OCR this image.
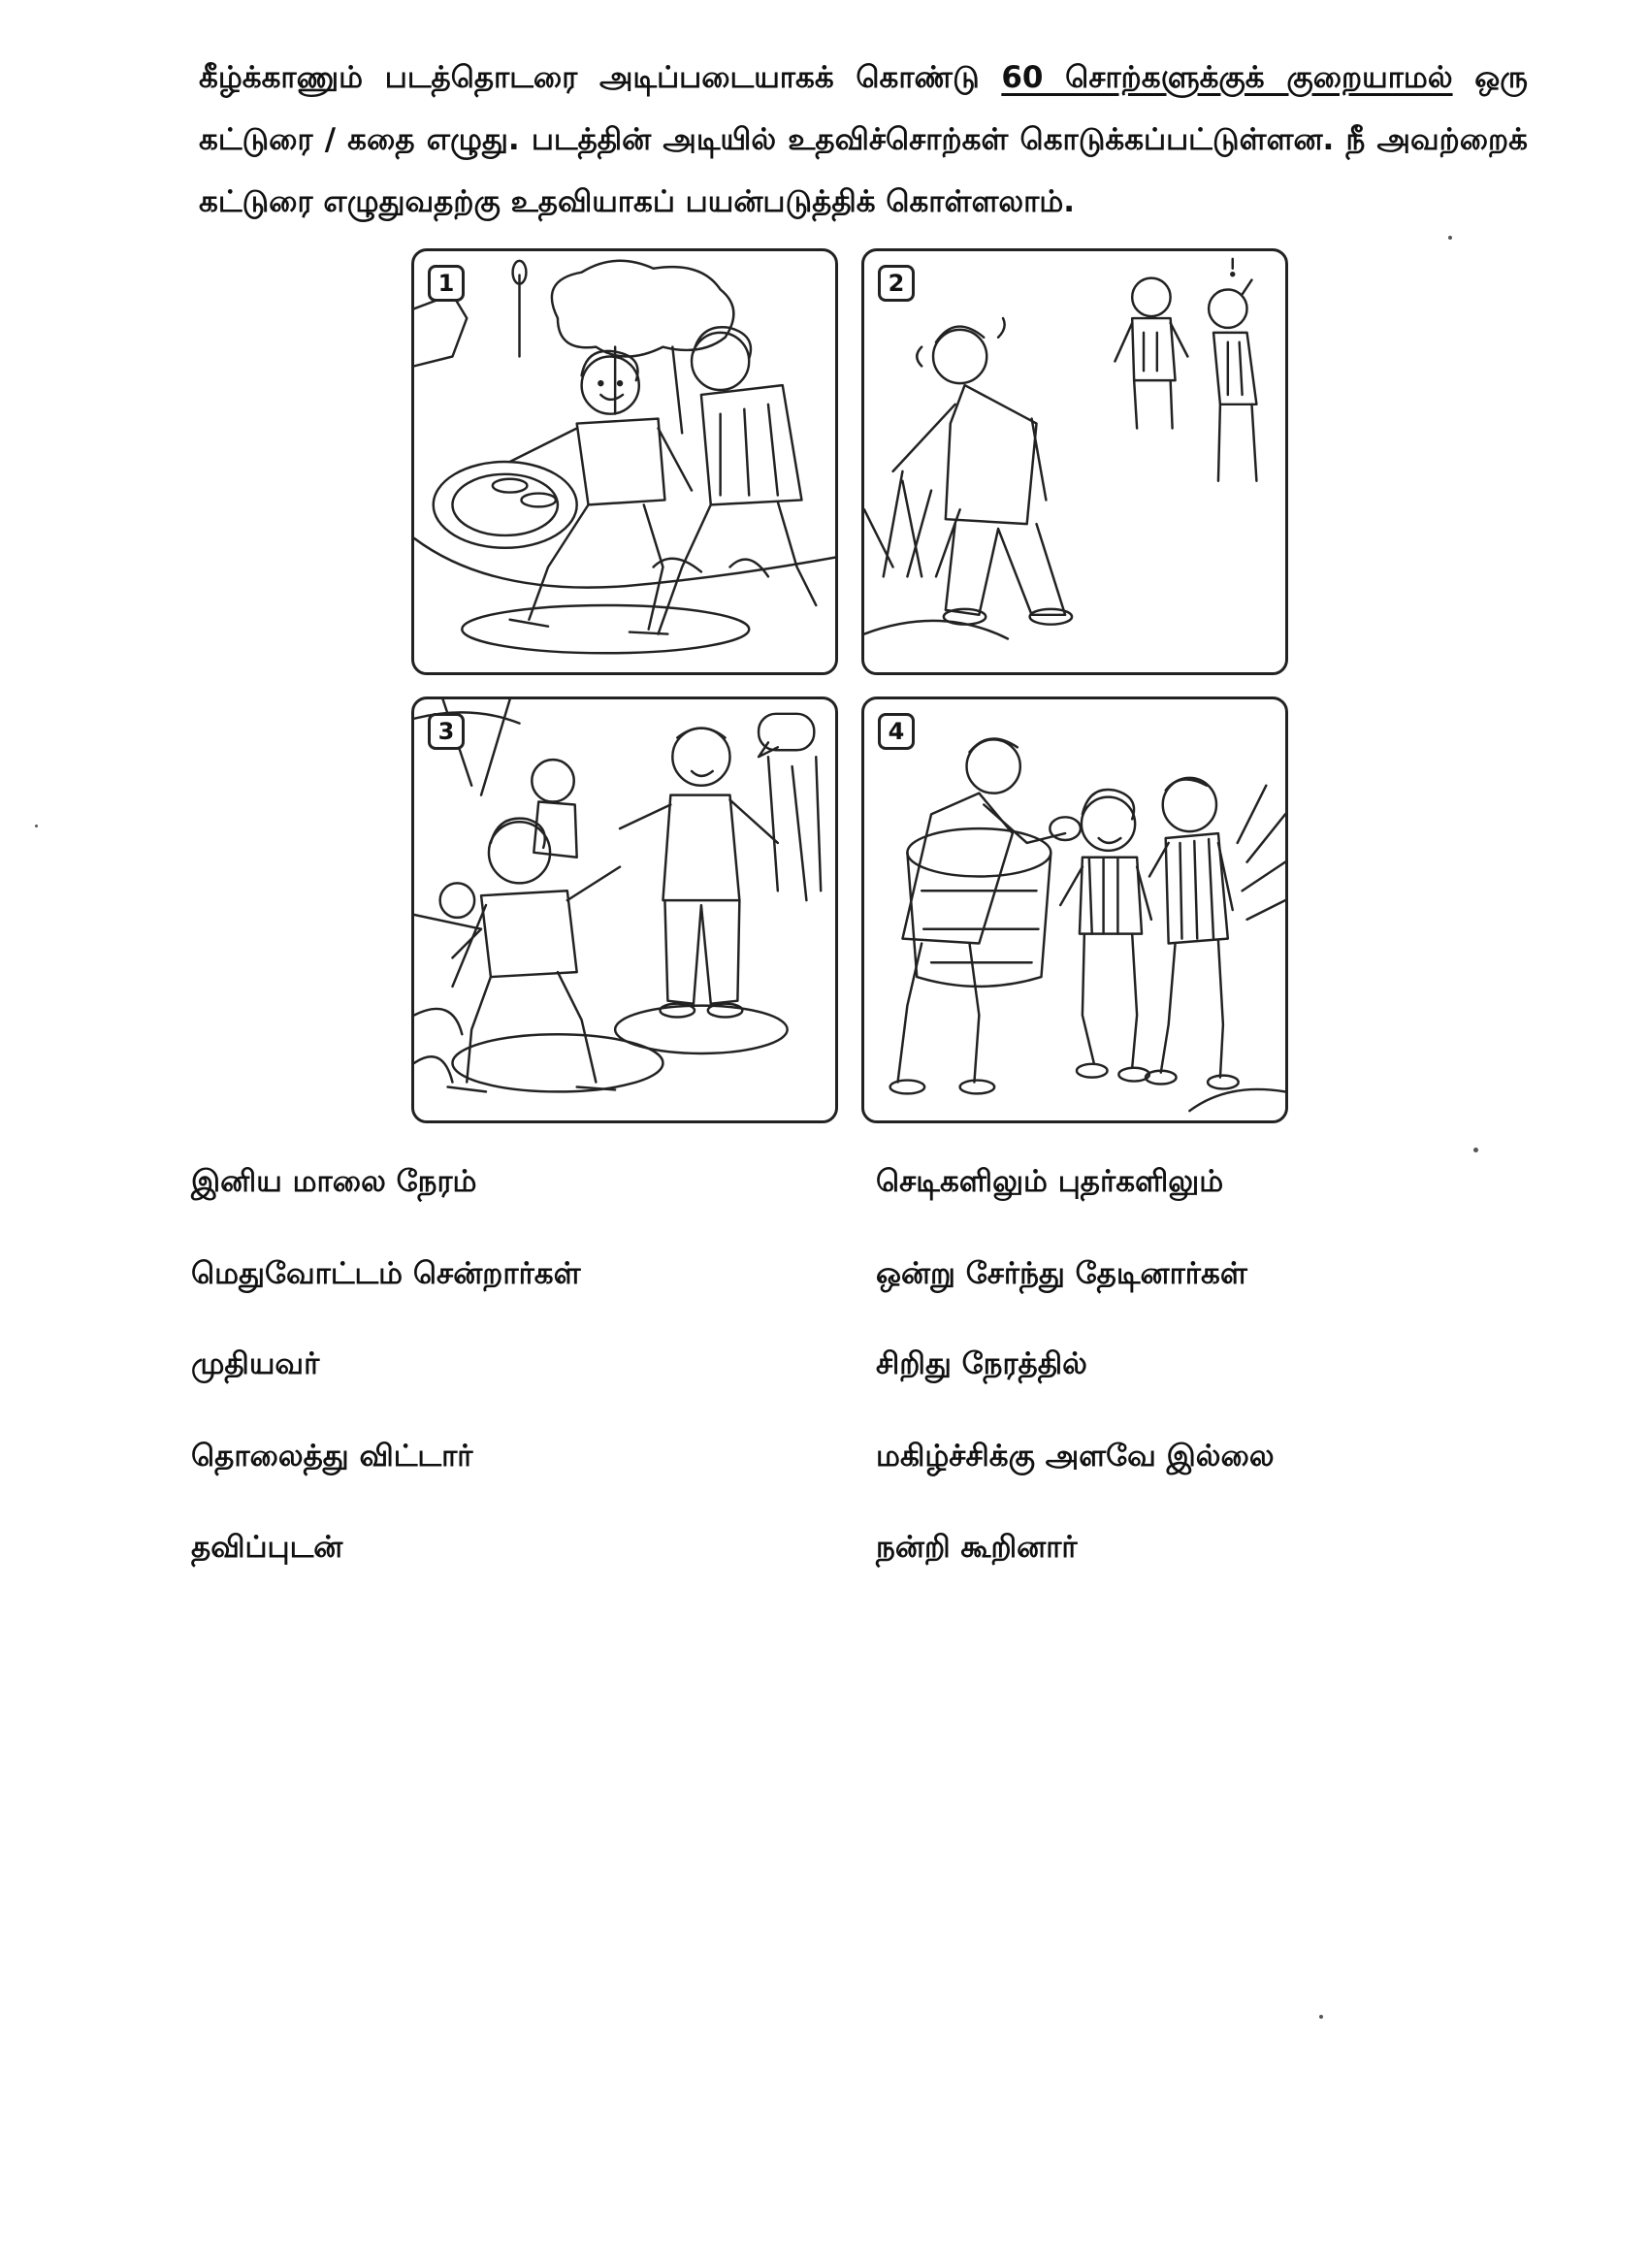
கீழ்க்காணும் படத்தொடரை அடிப்படையாகக் கொண்டு 60 சொற்களுக்குக் குறையாமல் ஒரு கட்டுரை / கதை எழுது. படத்தின் அடியில் உதவிச்சொற்கள் கொடுக்கப்பட்டுள்ளன. நீ அவற்றைக் கட்டுரை எழுதுவதற்கு உதவியாகப் பயன்படுத்திக் கொள்ளலாம்.
1	2
3	4
இனிய மாலை நேரம்
மெதுவோட்டம் சென்றார்கள்
முதியவர்
தொலைத்து விட்டார்
தவிப்புடன்
செடிகளிலும் புதர்களிலும்
ஒன்று சேர்ந்து தேடினார்கள்
சிறிது நேரத்தில்
மகிழ்ச்சிக்கு அளவே இல்லை
நன்றி கூறினார்
